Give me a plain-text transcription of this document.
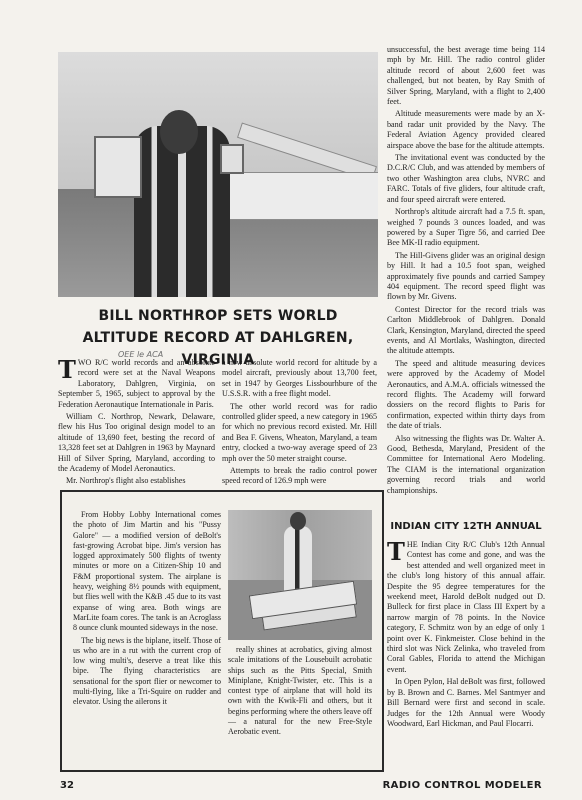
BILL NORTHROP SETS WORLD ALTITUDE RECORD AT DAHLGREN, VIRGINIA
OEE le ACA

TWO R/C world records and an absolute record were set at the Naval Weapons Laboratory, Dahlgren, Virginia, on September 5, 1965, subject to approval by the Federation Aeronautique Internationale in Paris.

William C. Northrop, Newark, Delaware, flew his Hus Too original design model to an altitude of 13,690 feet, besting the record of 13,328 feet set at Dahlgren in 1963 by Maynard Hill of Silver Spring, Maryland, according to the Academy of Model Aeronautics.

Mr. Northrop's flight also establishes

a new absolute world record for altitude by a model aircraft, previously about 13,700 feet, set in 1947 by Georges Lissbourhbure of the U.S.S.R. with a free flight model.

The other world record was for radio controlled glider speed, a new category in 1965 for which no previous record existed. Mr. Hill and Bea F. Givens, Wheaton, Maryland, a team entry, clocked a two-way average speed of 23 mph over the 50 meter straight course.

Attempts to break the radio control power speed record of 126.9 mph were

unsuccessful, the best average time being 114 mph by Mr. Hill. The radio control glider altitude record of about 2,600 feet was challenged, but not beaten, by Ray Smith of Silver Spring, Maryland, with a flight to 2,400 feet.

Altitude measurements were made by an X-band radar unit provided by the Navy. The Federal Aviation Agency provided cleared airspace above the base for the altitude attempts.

The invitational event was conducted by the D.C.R/C Club, and was attended by members of two other Washington area clubs, NVRC and FARC. Totals of five gliders, four altitude craft, and four speed aircraft were entered.

Northrop's altitude aircraft had a 7.5 ft. span, weighed 7 pounds 3 ounces loaded, and was powered by a Super Tigre 56, and carried Dee Bee MK-II radio equipment.

The Hill-Givens glider was an original design by Hill. It had a 10.5 foot span, weighed approximately five pounds and carried Sampey 404 equipment. The record speed flight was flown by Mr. Givens.

Contest Director for the record trials was Carlton Middlebrook of Dahlgren. Donald Clark, Kensington, Maryland, directed the speed events, and Al Mortlaks, Washington, directed the altitude attempts.

The speed and altitude measuring devices were approved by the Academy of Model Aeronautics, and A.M.A. officials witnessed the record flights. The Academy will forward dossiers on the record flights to Paris for confirmation, expected within thirty days from the date of trials.

Also witnessing the flights was Dr. Walter A. Good, Bethesda, Maryland, President of the Committee for International Aero Modeling. The CIAM is the international organization governing record trials and world championships.

From Hobby Lobby International comes the photo of Jim Martin and his "Pussy Galore" — a modified version of deBolt's fast-growing Acrobat bipe. Jim's version has logged approximately 500 flights of twenty minutes or more on a Citizen-Ship 10 and F&M proportional system. The airplane is heavy, weighing 8½ pounds with equipment, but flies well with the K&B .45 due to its vast expanse of wing area. Both wings are MarLite foam cores. The tank is an Acroglass 8 ounce clunk mounted sideways in the nose.

The big news is the biplane, itself. Those of us who are in a rut with the current crop of low wing multi's, deserve a treat like this bipe. The flying characteristics are sensational for the sport flier or newcomer to multi-flying, like a Tri-Squire on rudder and elevator. Using the ailerons it

really shines at acrobatics, giving almost scale imitations of the Lousebuilt acrobatic ships such as the Pitts Special, Smith Miniplane, Knight-Twister, etc. This is a contest type of airplane that will hold its own with the Kwik-Fli and others, but it begins performing where the others leave off — a natural for the new Free-Style Aerobatic event.

INDIAN CITY 12TH ANNUAL

THE Indian City R/C Club's 12th Annual Contest has come and gone, and was the best attended and well organized meet in the club's long history of this annual affair. Despite the 95 degree temperatures for the weekend meet, Harold deBolt nudged out D. Bulleck for first place in Class III Expert by a narrow margin of 78 points. In the Novice category, F. Schmitz won by an edge of only 1 point over K. Finkmeister. Close behind in the third slot was Nick Zelinka, who traveled from Coral Gables, Florida to attend the Michigan event.

In Open Pylon, Hal deBolt was first, followed by B. Brown and C. Barnes. Mel Santmyer and Bill Bernard were first and second in scale. Judges for the 12th Annual were Woody Woodward, Earl Hickman, and Paul Flocarri.

32	RADIO CONTROL MODELER
